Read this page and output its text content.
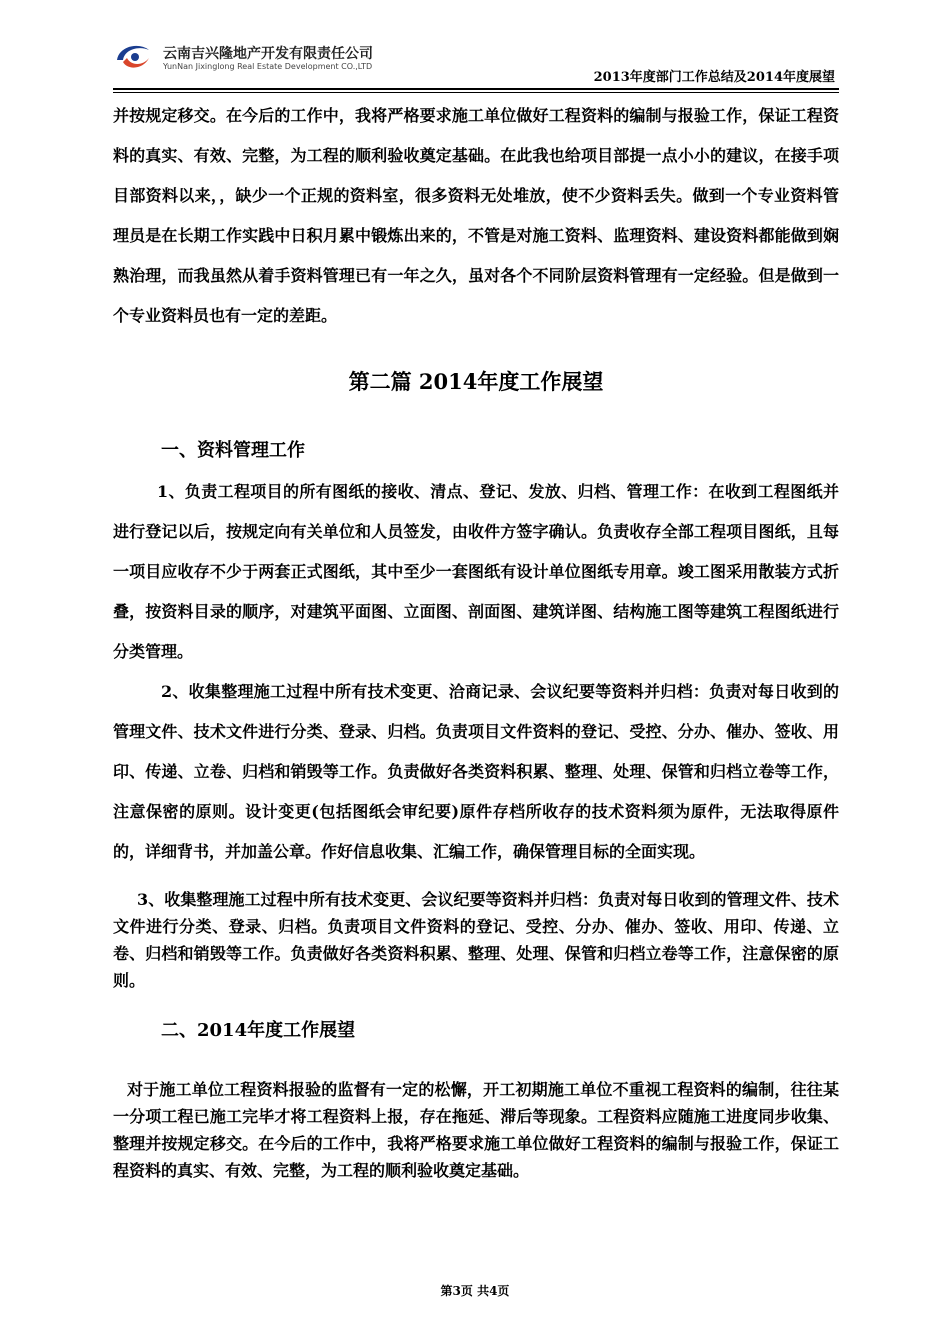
云南吉兴隆地产开发有限责任公司
YunNan Jixinglong Real Estate Development CO.,LTD
2013年度部门工作总结及2014年度展望

并按规定移交。在今后的工作中，我将严格要求施工单位做好工程资料的编制与报验工作，保证工程资料的真实、有效、完整，为工程的顺利验收奠定基础。在此我也给项目部提一点小小的建议，在接手项目部资料以来，，缺少一个正规的资料室，很多资料无处堆放，使不少资料丢失。做到一个专业资料管理员是在长期工作实践中日积月累中锻炼出来的，不管是对施工资料、监理资料、建设资料都能做到娴熟治理，而我虽然从着手资料管理已有一年之久，虽对各个不同阶层资料管理有一定经验。但是做到一个专业资料员也有一定的差距。

第二篇 2014年度工作展望
一、资料管理工作

1、负责工程项目的所有图纸的接收、清点、登记、发放、归档、管理工作：在收到工程图纸并进行登记以后，按规定向有关单位和人员签发，由收件方签字确认。负责收存全部工程项目图纸，且每一项目应收存不少于两套正式图纸，其中至少一套图纸有设计单位图纸专用章。竣工图采用散装方式折叠，按资料目录的顺序，对建筑平面图、立面图、剖面图、建筑详图、结构施工图等建筑工程图纸进行分类管理。

2、收集整理施工过程中所有技术变更、洽商记录、会议纪要等资料并归档：负责对每日收到的管理文件、技术文件进行分类、登录、归档。负责项目文件资料的登记、受控、分办、催办、签收、用印、传递、立卷、归档和销毁等工作。负责做好各类资料积累、整理、处理、保管和归档立卷等工作，注意保密的原则。设计变更(包括图纸会审纪要)原件存档所收存的技术资料须为原件，无法取得原件的，详细背书，并加盖公章。作好信息收集、汇编工作，确保管理目标的全面实现。

3、收集整理施工过程中所有技术变更、会议纪要等资料并归档：负责对每日收到的管理文件、技术文件进行分类、登录、归档。负责项目文件资料的登记、受控、分办、催办、签收、用印、传递、立卷、归档和销毁等工作。负责做好各类资料积累、整理、处理、保管和归档立卷等工作，注意保密的原则。

二、2014年度工作展望

对于施工单位工程资料报验的监督有一定的松懈，开工初期施工单位不重视工程资料的编制，往往某一分项工程已施工完毕才将工程资料上报，存在拖延、滞后等现象。工程资料应随施工进度同步收集、整理并按规定移交。在今后的工作中，我将严格要求施工单位做好工程资料的编制与报验工作，保证工程资料的真实、有效、完整，为工程的顺利验收奠定基础。

第3页 共4页
